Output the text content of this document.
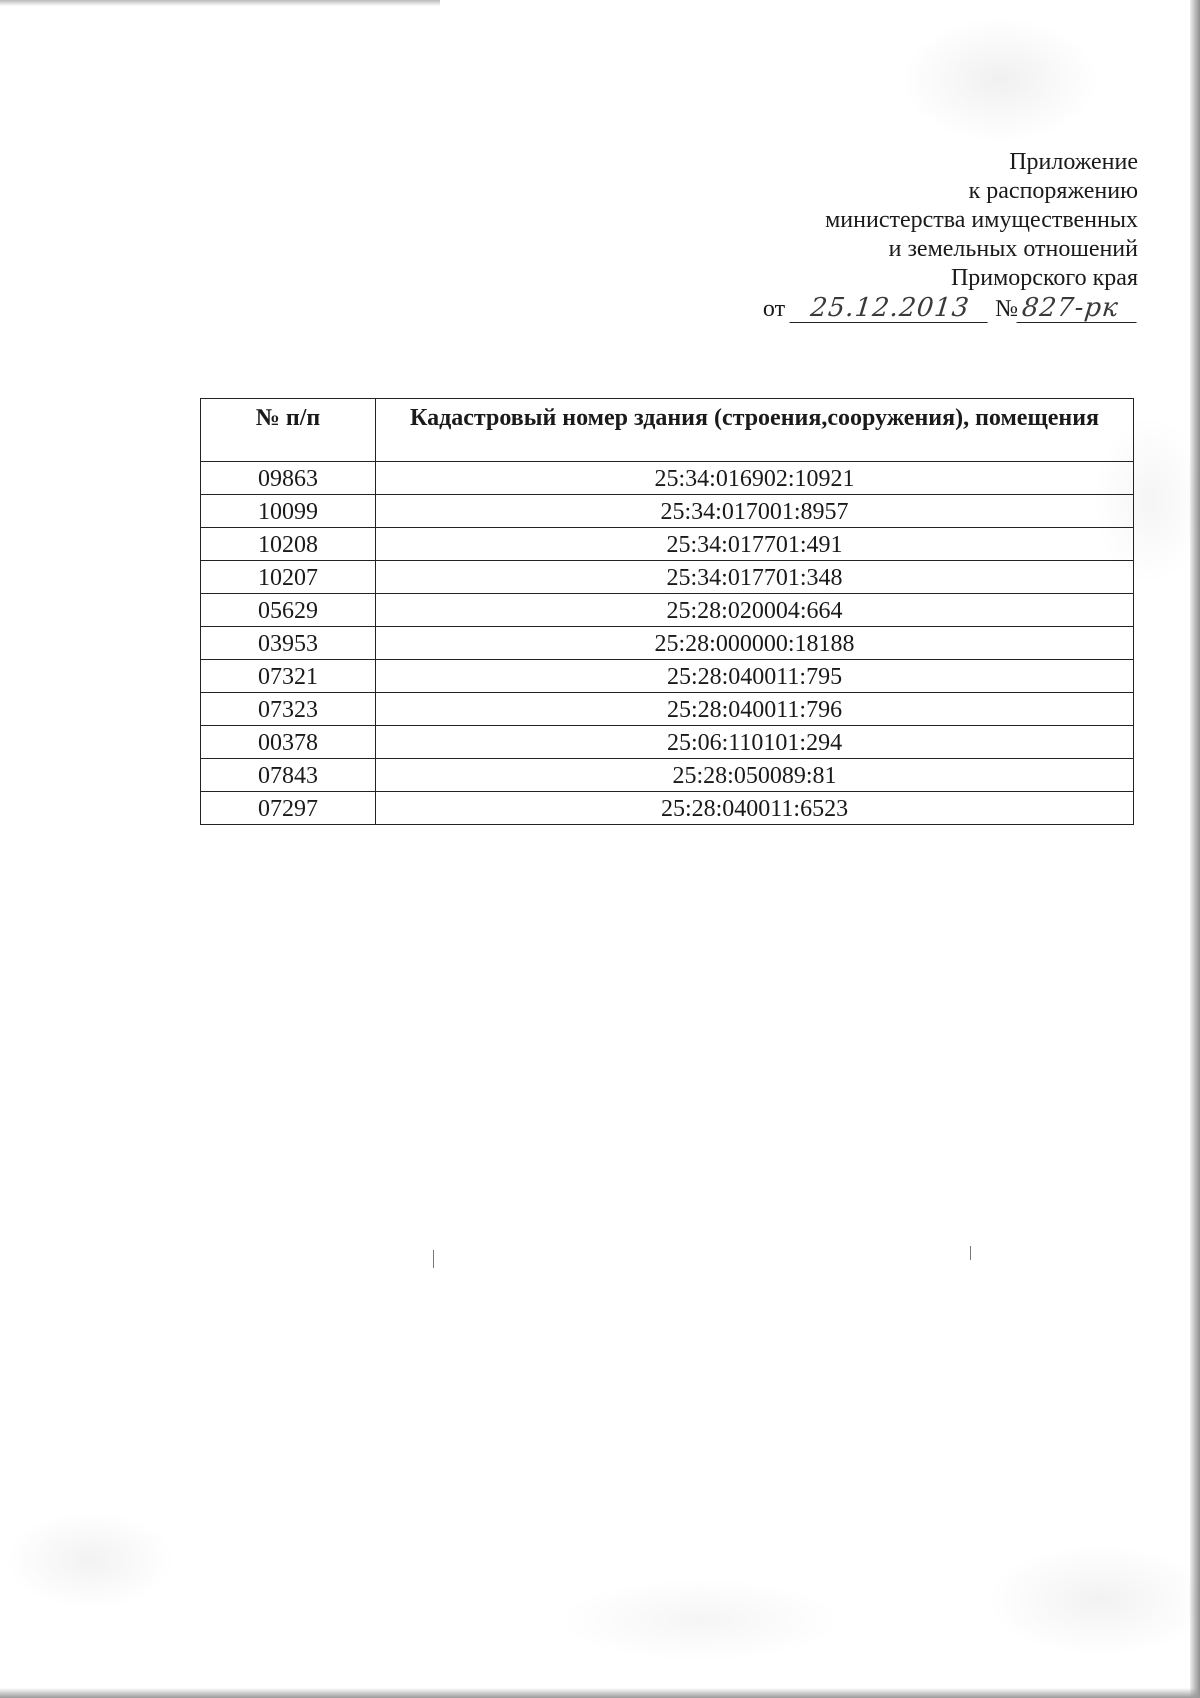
Приложение
к распоряжению
министерства имущественных
и земельных отношений
Приморского края
от 25.12.2013 №827-рк
№ п/п	Кадастровый номер здания (строения,сооружения), помещения
09863	25:34:016902:10921
10099	25:34:017001:8957
10208	25:34:017701:491
10207	25:34:017701:348
05629	25:28:020004:664
03953	25:28:000000:18188
07321	25:28:040011:795
07323	25:28:040011:796
00378	25:06:110101:294
07843	25:28:050089:81
07297	25:28:040011:6523
